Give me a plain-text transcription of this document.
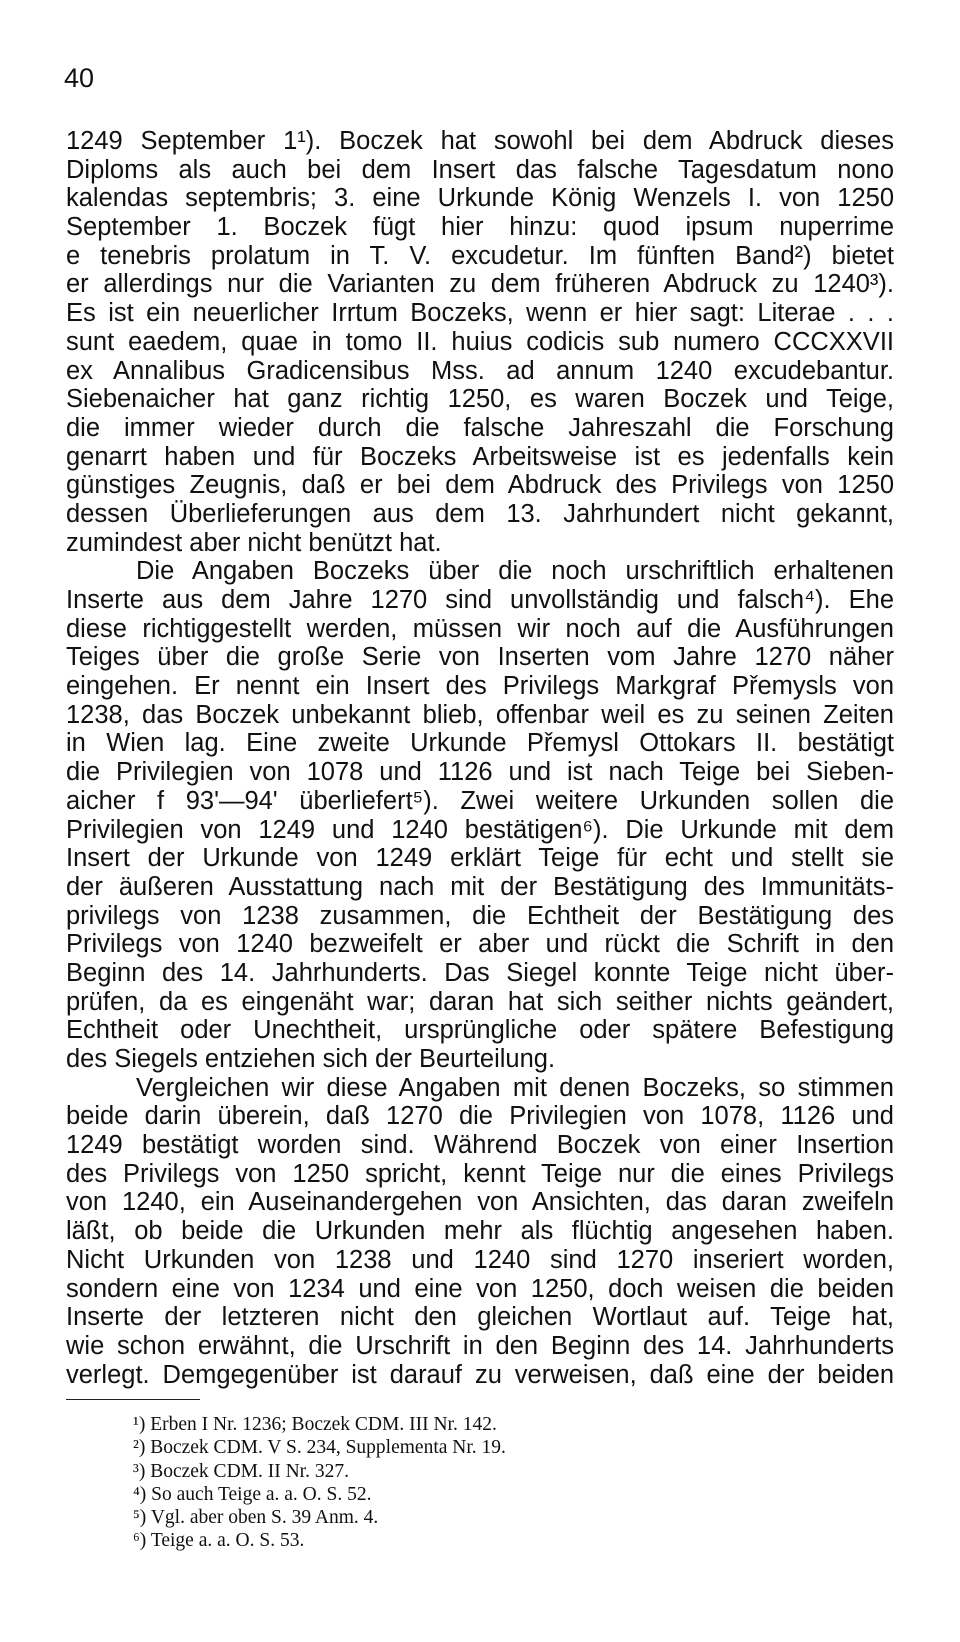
40
1249 September 1¹). Boczek hat sowohl bei dem Abdruck dieses
Diploms als auch bei dem Insert das falsche Tagesdatum nono
kalendas septembris; 3. eine Urkunde König Wenzels I. von 1250
September 1. Boczek fügt hier hinzu: quod ipsum nuperrime
e tenebris prolatum in T. V. excudetur. Im fünften Band²) bietet
er allerdings nur die Varianten zu dem früheren Abdruck zu 1240³).
Es ist ein neuerlicher Irrtum Boczeks, wenn er hier sagt: Literae . . .
sunt eaedem, quae in tomo II. huius codicis sub numero CCCXXVII
ex Annalibus Gradicensibus Mss. ad annum 1240 excudebantur.
Siebenaicher hat ganz richtig 1250, es waren Boczek und Teige,
die immer wieder durch die falsche Jahreszahl die Forschung
genarrt haben und für Boczeks Arbeitsweise ist es jedenfalls kein
günstiges Zeugnis, daß er bei dem Abdruck des Privilegs von 1250
dessen Überlieferungen aus dem 13. Jahrhundert nicht gekannt,
zumindest aber nicht benützt hat.
Die Angaben Boczeks über die noch urschriftlich erhaltenen
Inserte aus dem Jahre 1270 sind unvollständig und falsch⁴). Ehe
diese richtiggestellt werden, müssen wir noch auf die Ausführungen
Teiges über die große Serie von Inserten vom Jahre 1270 näher
eingehen. Er nennt ein Insert des Privilegs Markgraf Přemysls von
1238, das Boczek unbekannt blieb, offenbar weil es zu seinen Zeiten
in Wien lag. Eine zweite Urkunde Přemysl Ottokars II. bestätigt
die Privilegien von 1078 und 1126 und ist nach Teige bei Sieben-
aicher f 93'—94' überliefert⁵). Zwei weitere Urkunden sollen die
Privilegien von 1249 und 1240 bestätigen⁶). Die Urkunde mit dem
Insert der Urkunde von 1249 erklärt Teige für echt und stellt sie
der äußeren Ausstattung nach mit der Bestätigung des Immunitäts-
privilegs von 1238 zusammen, die Echtheit der Bestätigung des
Privilegs von 1240 bezweifelt er aber und rückt die Schrift in den
Beginn des 14. Jahrhunderts. Das Siegel konnte Teige nicht über-
prüfen, da es eingenäht war; daran hat sich seither nichts geändert,
Echtheit oder Unechtheit, ursprüngliche oder spätere Befestigung
des Siegels entziehen sich der Beurteilung.
Vergleichen wir diese Angaben mit denen Boczeks, so stimmen
beide darin überein, daß 1270 die Privilegien von 1078, 1126 und
1249 bestätigt worden sind. Während Boczek von einer Insertion
des Privilegs von 1250 spricht, kennt Teige nur die eines Privilegs
von 1240, ein Auseinandergehen von Ansichten, das daran zweifeln
läßt, ob beide die Urkunden mehr als flüchtig angesehen haben.
Nicht Urkunden von 1238 und 1240 sind 1270 inseriert worden,
sondern eine von 1234 und eine von 1250, doch weisen die beiden
Inserte der letzteren nicht den gleichen Wortlaut auf. Teige hat,
wie schon erwähnt, die Urschrift in den Beginn des 14. Jahrhunderts
verlegt. Demgegenüber ist darauf zu verweisen, daß eine der beiden
¹) Erben I Nr. 1236; Boczek CDM. III Nr. 142.
²) Boczek CDM. V S. 234, Supplementa Nr. 19.
³) Boczek CDM. II Nr. 327.
⁴) So auch Teige a. a. O. S. 52.
⁵) Vgl. aber oben S. 39 Anm. 4.
⁶) Teige a. a. O. S. 53.
